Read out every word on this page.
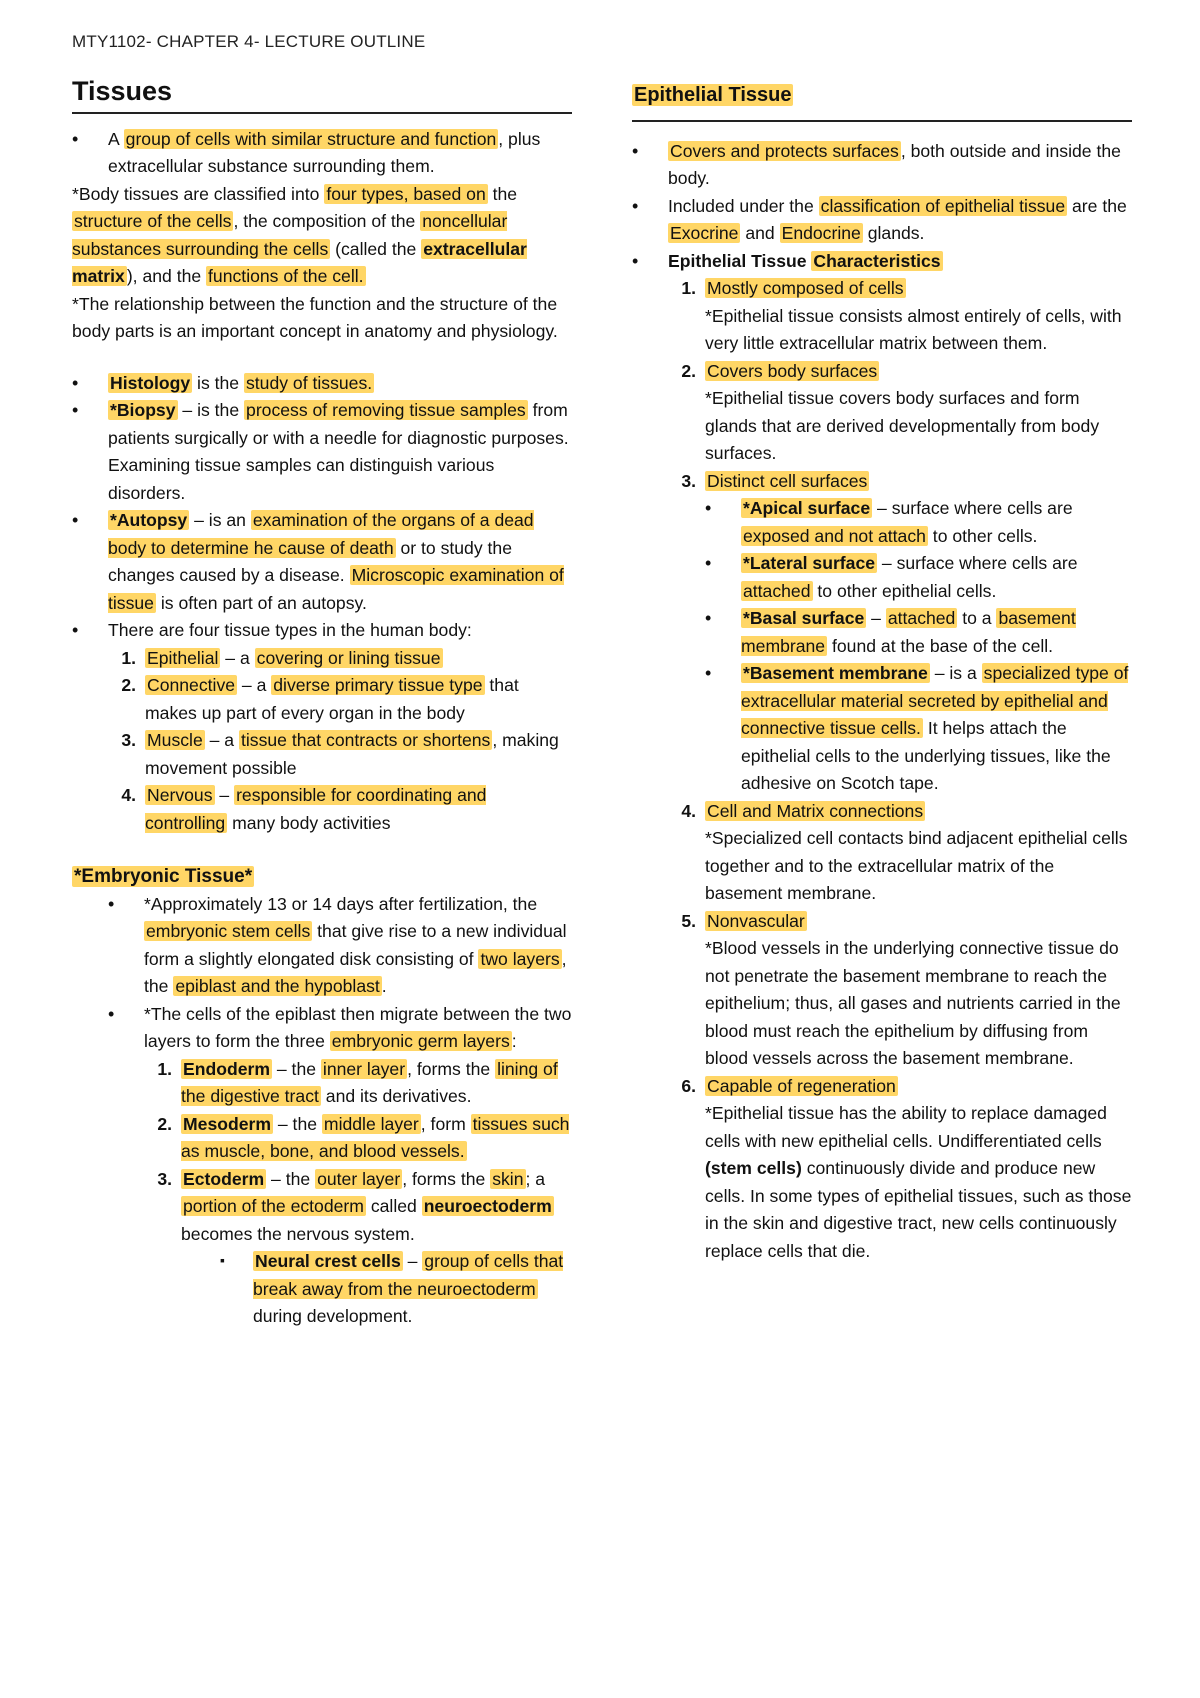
MTY1102- CHAPTER 4- LECTURE OUTLINE
Tissues
• A group of cells with similar structure and function , plus extracellular substance surrounding them.

*Body tissues are classified into four types, based on the structure of the cells , the composition of the noncellular substances surrounding the cells (called the extracellular matrix ), and the functions of the cell.

*The relationship between the function and the structure of the body parts is an important concept in anatomy and physiology.

• Histology is the study of tissues.
• *Biopsy – is the process of removing tissue samples from patients surgically or with a needle for diagnostic purposes. Examining tissue samples can distinguish various disorders.
• *Autopsy – is an examination of the organs of a dead body to determine he cause of death or to study the changes caused by a disease. Microscopic examination of tissue is often part of an autopsy.
• There are four tissue types in the human body:
1. Epithelial – a covering or lining tissue
2. Connective – a diverse primary tissue type that makes up part of every organ in the body
3. Muscle – a tissue that contracts or shortens , making movement possible
4. Nervous – responsible for coordinating and controlling many body activities
*Embryonic Tissue*
• *Approximately 13 or 14 days after fertilization, the embryonic stem cells that give rise to a new individual form a slightly elongated disk consisting of two layers , the epiblast and the hypoblast .
• *The cells of the epiblast then migrate between the two layers to form the three embryonic germ layers :
1. Endoderm – the inner layer , forms the lining of the digestive tract and its derivatives.
2. Mesoderm – the middle layer , form tissues such as muscle, bone, and blood vessels.
3. Ectoderm – the outer layer , forms the skin ; a portion of the ectoderm called neuroectoderm becomes the nervous system.
▪ Neural crest cells – group of cells that break away from the neuroectoderm during development.
Epithelial Tissue
• Covers and protects surfaces , both outside and inside the body.
• Included under the classification of epithelial tissue are the Exocrine and Endocrine glands.
• Epithelial Tissue Characteristics
1. Mostly composed of cells
*Epithelial tissue consists almost entirely of cells, with very little extracellular matrix between them.
2. Covers body surfaces
*Epithelial tissue covers body surfaces and form glands that are derived developmentally from body surfaces.
3. Distinct cell surfaces
• *Apical surface – surface where cells are exposed and not attach to other cells.
• *Lateral surface – surface where cells are attached to other epithelial cells.
• *Basal surface – attached to a basement membrane found at the base of the cell.
• *Basement membrane – is a specialized type of extracellular material secreted by epithelial and connective tissue cells. It helps attach the epithelial cells to the underlying tissues, like the adhesive on Scotch tape.
4. Cell and Matrix connections
*Specialized cell contacts bind adjacent epithelial cells together and to the extracellular matrix of the basement membrane.
5. Nonvascular
*Blood vessels in the underlying connective tissue do not penetrate the basement membrane to reach the epithelium; thus, all gases and nutrients carried in the blood must reach the epithelium by diffusing from blood vessels across the basement membrane.
6. Capable of regeneration
*Epithelial tissue has the ability to replace damaged cells with new epithelial cells. Undifferentiated cells (stem cells) continuously divide and produce new cells. In some types of epithelial tissues, such as those in the skin and digestive tract, new cells continuously replace cells that die.
